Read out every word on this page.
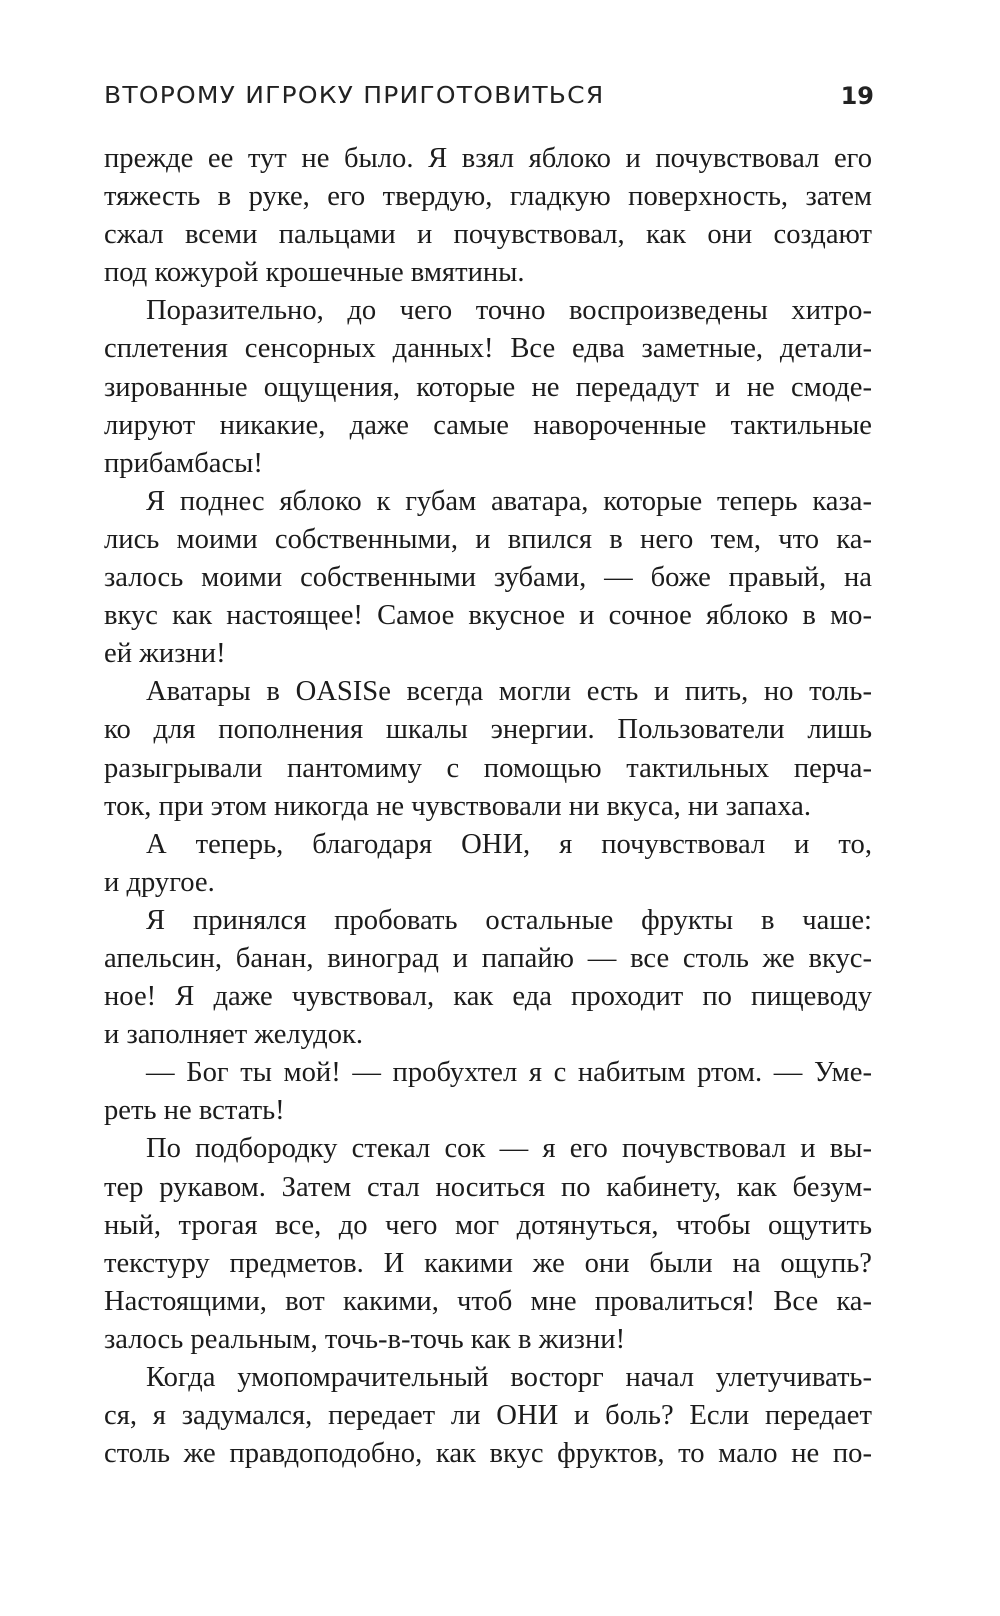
ВТОРОМУ ИГРОКУ ПРИГОТОВИТЬСЯ	19
прежде ее тут не было. Я взял яблоко и почувствовал его
тяжесть в руке, его твердую, гладкую поверхность, затем
сжал всеми пальцами и почувствовал, как они создают
под кожурой крошечные вмятины.
Поразительно, до чего точно воспроизведены хитро-
сплетения сенсорных данных! Все едва заметные, детали-
зированные ощущения, которые не передадут и не смоде-
лируют никакие, даже самые навороченные тактильные
прибамбасы!
Я поднес яблоко к губам аватара, которые теперь каза-
лись моими собственными, и впился в него тем, что ка-
залось моими собственными зубами, — боже правый, на
вкус как настоящее! Самое вкусное и сочное яблоко в мо-
ей жизни!
Аватары в OASISе всегда могли есть и пить, но толь-
ко для пополнения шкалы энергии. Пользователи лишь
разыгрывали пантомиму с помощью тактильных перча-
ток, при этом никогда не чувствовали ни вкуса, ни запаха.
А теперь, благодаря ОНИ, я почувствовал и то,
и другое.
Я принялся пробовать остальные фрукты в чаше:
апельсин, банан, виноград и папайю — все столь же вкус-
ное! Я даже чувствовал, как еда проходит по пищеводу
и заполняет желудок.
— Бог ты мой! — пробухтел я с набитым ртом. — Уме-
реть не встать!
По подбородку стекал сок — я его почувствовал и вы-
тер рукавом. Затем стал носиться по кабинету, как безум-
ный, трогая все, до чего мог дотянуться, чтобы ощутить
текстуру предметов. И какими же они были на ощупь?
Настоящими, вот какими, чтоб мне провалиться! Все ка-
залось реальным, точь-в-точь как в жизни!
Когда умопомрачительный восторг начал улетучивать-
ся, я задумался, передает ли ОНИ и боль? Если передает
столь же правдоподобно, как вкус фруктов, то мало не по-
